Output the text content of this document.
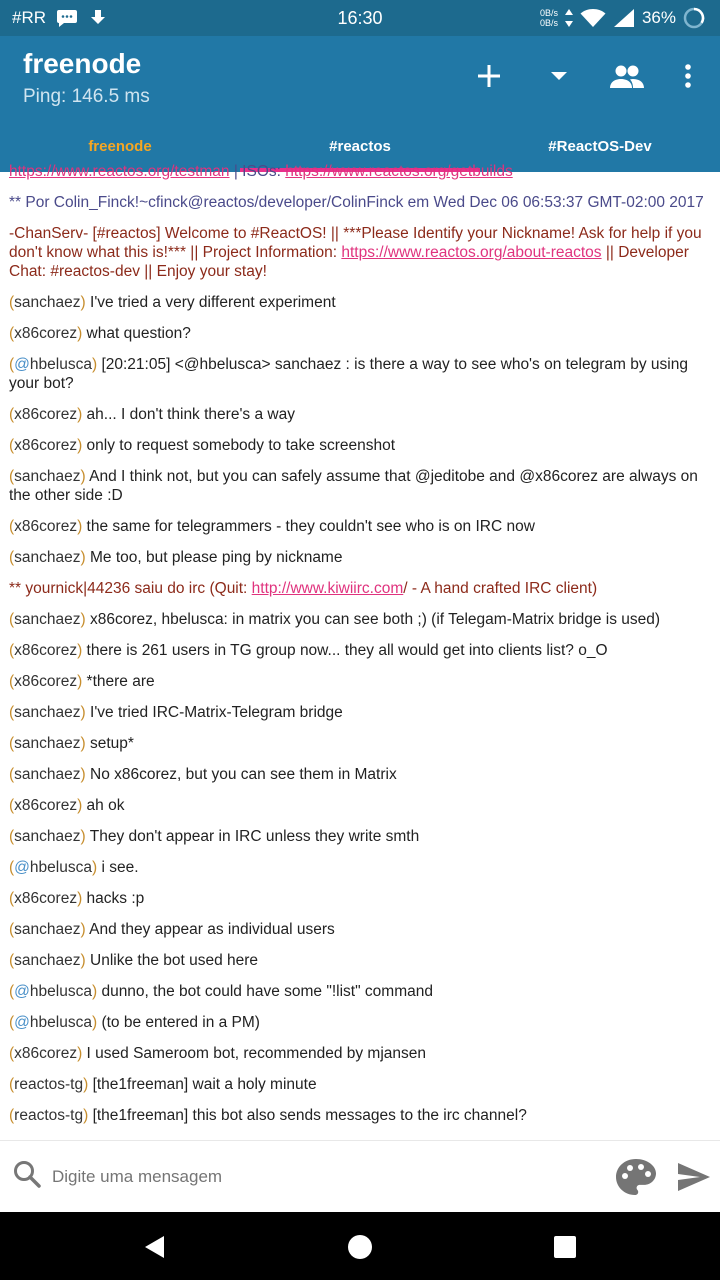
#RR	16:30	0B/s
0B/s	36%
freenode
Ping: 146.5 ms
freenode	#reactos	#ReactOS-Dev
https://www.reactos.org/testman | ISOs: https://www.reactos.org/getbuilds
** Por Colin_Finck!~cfinck@reactos/developer/ColinFinck em Wed Dec 06 06:53:37 GMT-02:00 2017
-ChanServ- [#reactos] Welcome to #ReactOS! || ***Please Identify your Nickname! Ask for help if you don't know what this is!*** || Project Information: https://www.reactos.org/about-reactos || Developer Chat: #reactos-dev || Enjoy your stay!
(sanchaez) I've tried a very different experiment
(x86corez) what question?
(@hbelusca) [20:21:05] <@hbelusca> sanchaez : is there a way to see who's on telegram by using your bot?
(x86corez) ah... I don't think there's a way
(x86corez) only to request somebody to take screenshot
(sanchaez) And I think not, but you can safely assume that @jeditobe and @x86corez are always on the other side :D
(x86corez) the same for telegrammers - they couldn't see who is on IRC now
(sanchaez) Me too, but please ping by nickname
** yournick|44236 saiu do irc (Quit: http://www.kiwiirc.com/ - A hand crafted IRC client)
(sanchaez) x86corez, hbelusca: in matrix you can see both ;) (if Telegam-Matrix bridge is used)
(x86corez) there is 261 users in TG group now... they all would get into clients list? o_O
(x86corez) *there are
(sanchaez) I've tried IRC-Matrix-Telegram bridge
(sanchaez) setup*
(sanchaez) No x86corez, but you can see them in Matrix
(x86corez) ah ok
(sanchaez) They don't appear in IRC unless they write smth
(@hbelusca) i see.
(x86corez) hacks :p
(sanchaez) And they appear as individual users
(sanchaez) Unlike the bot used here
(@hbelusca) dunno, the bot could have some "!list" command
(@hbelusca) (to be entered in a PM)
(x86corez) I used Sameroom bot, recommended by mjansen
(reactos-tg) [the1freeman] wait a holy minute
(reactos-tg) [the1freeman] this bot also sends messages to the irc channel?
Digite uma mensagem
